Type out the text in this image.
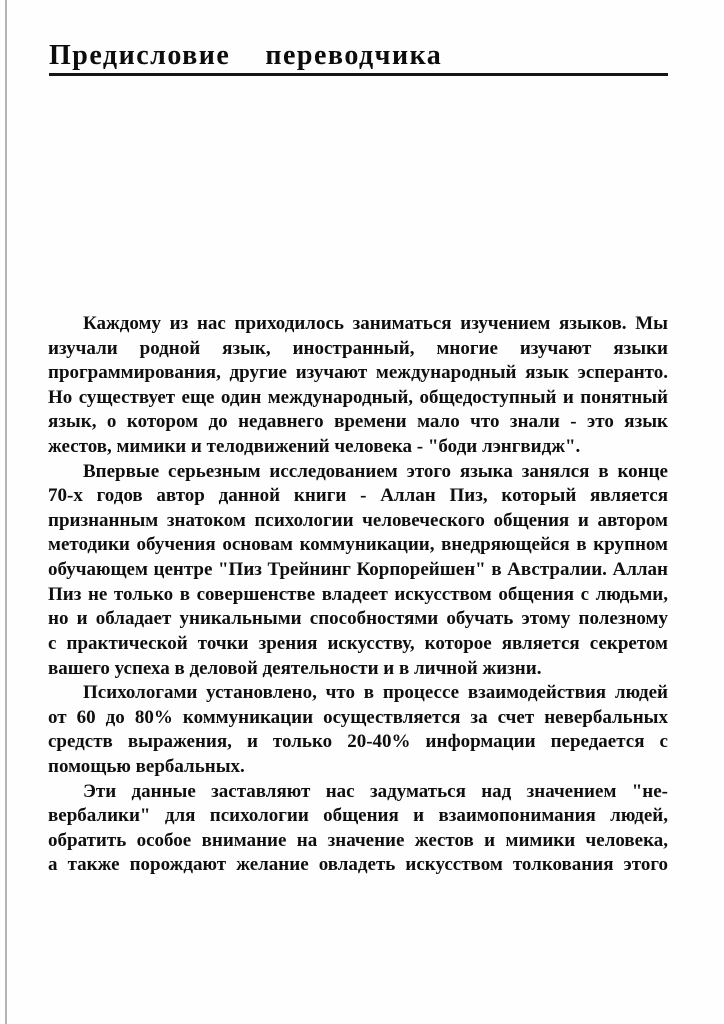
Предисловие  переводчика
Каждому из нас приходилось заниматься изучением языков. Мы
изучали родной язык, иностранный, многие изучают языки
программирования, другие изучают международный язык эсперанто.
Но существует еще один международный, общедоступный и понятный
язык, о котором до недавнего времени мало что знали - это язык
жестов, мимики и телодвижений человека - "боди лэнгвидж".
Впервые серьезным исследованием этого языка занялся в конце
70-х годов автор данной книги - Аллан Пиз, который является
признанным знатоком психологии человеческого общения и автором
методики обучения основам коммуникации, внедряющейся в крупном
обучающем центре "Пиз Трейнинг Корпорейшен" в Австралии. Аллан
Пиз не только в совершенстве владеет искусством общения с людьми,
но и обладает уникальными способностями обучать этому полезному
с практической точки зрения искусству, которое является секретом
вашего успеха в деловой деятельности и в личной жизни.
Психологами установлено, что в процессе взаимодействия людей
от 60 до 80% коммуникации осуществляется за счет невербальных
средств выражения, и только 20-40% информации передается с
помощью вербальных.
Эти данные заставляют нас задуматься над значением "не-
вербалики" для психологии общения и взаимопонимания людей,
обратить особое внимание на значение жестов и мимики человека,
а также порождают желание овладеть искусством толкования этого
